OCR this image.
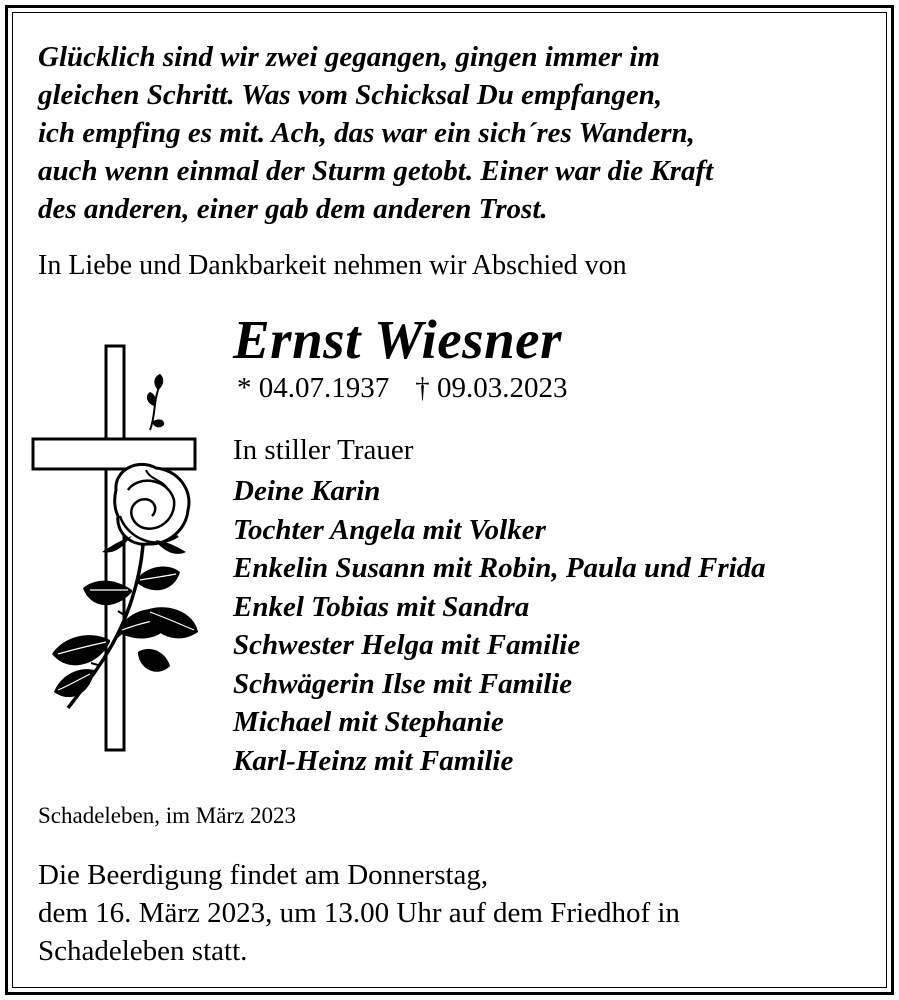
Glücklich sind wir zwei gegangen, gingen immer im
gleichen Schritt. Was vom Schicksal Du empfangen,
ich empfing es mit. Ach, das war ein sich´res Wandern,
auch wenn einmal der Sturm getobt. Einer war die Kraft
des anderen, einer gab dem anderen Trost.
In Liebe und Dankbarkeit nehmen wir Abschied von
Ernst Wiesner
* 04.07.1937 † 09.03.2023
In stiller Trauer
Deine Karin
Tochter Angela mit Volker
Enkelin Susann mit Robin, Paula und Frida
Enkel Tobias mit Sandra
Schwester Helga mit Familie
Schwägerin Ilse mit Familie
Michael mit Stephanie
Karl-Heinz mit Familie
Schadeleben, im März 2023
Die Beerdigung findet am Donnerstag,
dem 16. März 2023, um 13.00 Uhr auf dem Friedhof in
Schadeleben statt.
